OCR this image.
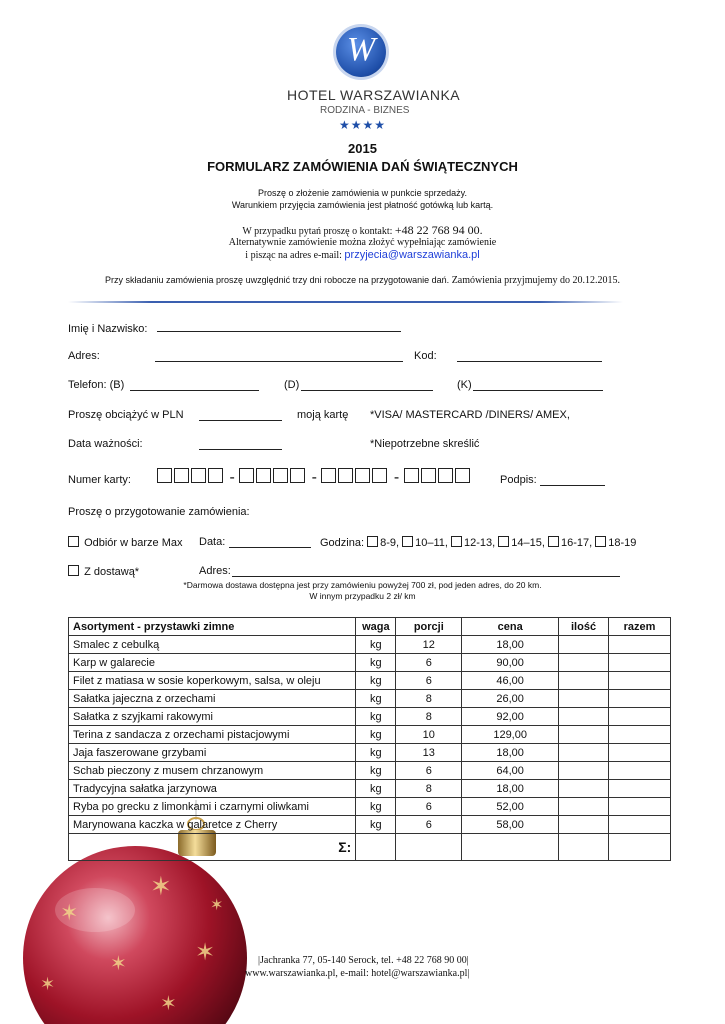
✶
✶
✶	✶
✶
✶
✶
W
HOTEL WARSZAWIANKA
RODZINA - BIZNES
★★★★
2015
FORMULARZ ZAMÓWIENIA DAŃ ŚWIĄTECZNYCH
Proszę o złożenie zamówienia w punkcie sprzedaży.
Warunkiem przyjęcia zamówienia jest płatność gotówką lub kartą.
W przypadku pytań proszę o kontakt: +48 22 768 94 00.
Alternatywnie zamówienie można złożyć wypełniając zamówienie
i pisząc na adres e-mail: przyjecia@warszawianka.pl
Przy składaniu zamówienia proszę uwzględnić trzy dni robocze na przygotowanie dań. Zamówienia przyjmujemy do 20.12.2015.
Imię i Nazwisko:
Adres:	Kod:
Telefon: (B)	(D)	(K)
Proszę obciążyć w PLN	moją kartę *VISA/ MASTERCARD /DINERS/ AMEX,
Data ważności:	*Niepotrzebne skreślić
Numer karty:	-	-	-	Podpis:
Proszę o przygotowanie zamówienia:
Odbiór w barze Max Data:	Godzina: 8-9, 10–11, 12-13, 14–15, 16-17, 18-19
Z dostawą*	Adres:
*Darmowa dostawa dostępna jest przy zamówieniu powyżej 700 zł, pod jeden adres, do 20 km.
W innym przypadku 2 zł/ km
Asortyment - przystawki zimne	waga	porcji	cena	ilość	razem
Smalec z cebulką	kg	12	18,00		
Karp w galarecie	kg	6	90,00		
Filet z matiasa w sosie koperkowym, salsa, w oleju	kg	6	46,00		
Sałatka jajeczna z orzechami	kg	8	26,00		
Sałatka z szyjkami rakowymi	kg	8	92,00		
Terina z sandacza z orzechami pistacjowymi	kg	10	129,00		
Jaja faszerowane grzybami	kg	13	18,00		
Schab pieczony z musem chrzanowym	kg	6	64,00		
Tradycyjna sałatka jarzynowa	kg	8	18,00		
Ryba po grecku z limonkami i czarnymi oliwkami	kg	6	52,00		
Marynowana kaczka w galaretce z Cherry	kg	6	58,00		
Σ:					
|Jachranka 77, 05-140 Serock, tel. +48 22 768 90 00|
www.warszawianka.pl, e-mail: hotel@warszawianka.pl|
